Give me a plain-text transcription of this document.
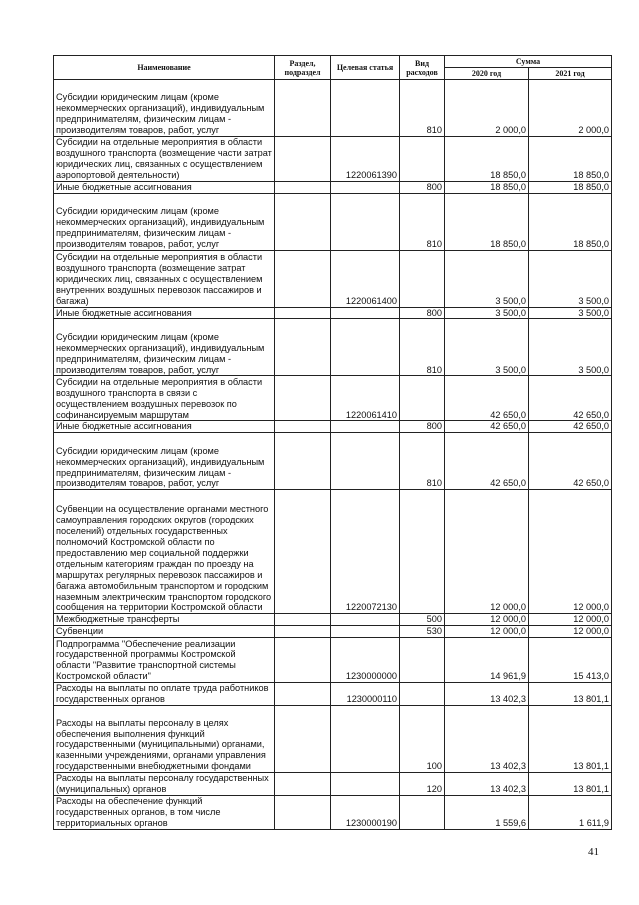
Наименование	Раздел, подраздел	Целевая статья	Вид расходов	Сумма	
				2020 год	2021 год
Субсидии юридическим лицам (кроме некоммерческих организаций), индивидуальным предпринимателям, физическим лицам - производителям товаров, работ, услуг			810	2 000,0	2 000,0
Субсидии на отдельные мероприятия в области воздушного транспорта (возмещение части затрат юридических лиц, связанных с осуществлением аэропортовой деятельности)		1220061390		18 850,0	18 850,0
Иные бюджетные ассигнования			800	18 850,0	18 850,0
Субсидии юридическим лицам (кроме некоммерческих организаций), индивидуальным предпринимателям, физическим лицам - производителям товаров, работ, услуг			810	18 850,0	18 850,0
Субсидии на отдельные мероприятия в области воздушного транспорта (возмещение затрат юридических лиц, связанных с осуществлением внутренних воздушных перевозок пассажиров и багажа)		1220061400		3 500,0	3 500,0
Иные бюджетные ассигнования			800	3 500,0	3 500,0
Субсидии юридическим лицам (кроме некоммерческих организаций), индивидуальным предпринимателям, физическим лицам - производителям товаров, работ, услуг			810	3 500,0	3 500,0
Субсидии на отдельные мероприятия в области воздушного транспорта в связи с осуществлением воздушных перевозок по софинансируемым маршрутам		1220061410		42 650,0	42 650,0
Иные бюджетные ассигнования			800	42 650,0	42 650,0
Субсидии юридическим лицам (кроме некоммерческих организаций), индивидуальным предпринимателям, физическим лицам - производителям товаров, работ, услуг			810	42 650,0	42 650,0
Субвенции на осуществление органами местного самоуправления городских округов (городских поселений) отдельных государственных полномочий Костромской области по предоставлению мер социальной поддержки отдельным категориям граждан по проезду на маршрутах регулярных перевозок пассажиров и багажа автомобильным транспортом и городским наземным электрическим транспортом городского сообщения на территории Костромской области		1220072130		12 000,0	12 000,0
Межбюджетные трансферты			500	12 000,0	12 000,0
Субвенции			530	12 000,0	12 000,0
Подпрограмма "Обеспечение реализации государственной программы Костромской области "Развитие транспортной системы Костромской области"		1230000000		14 961,9	15 413,0
Расходы на выплаты по оплате труда работников государственных органов		1230000110		13 402,3	13 801,1
Расходы на выплаты персоналу в целях обеспечения выполнения функций государственными (муниципальными) органами, казенными учреждениями, органами управления государственными внебюджетными фондами			100	13 402,3	13 801,1
Расходы на выплаты персоналу государственных (муниципальных) органов			120	13 402,3	13 801,1
Расходы на обеспечение функций государственных органов, в том числе территориальных органов		1230000190		1 559,6	1 611,9
41
